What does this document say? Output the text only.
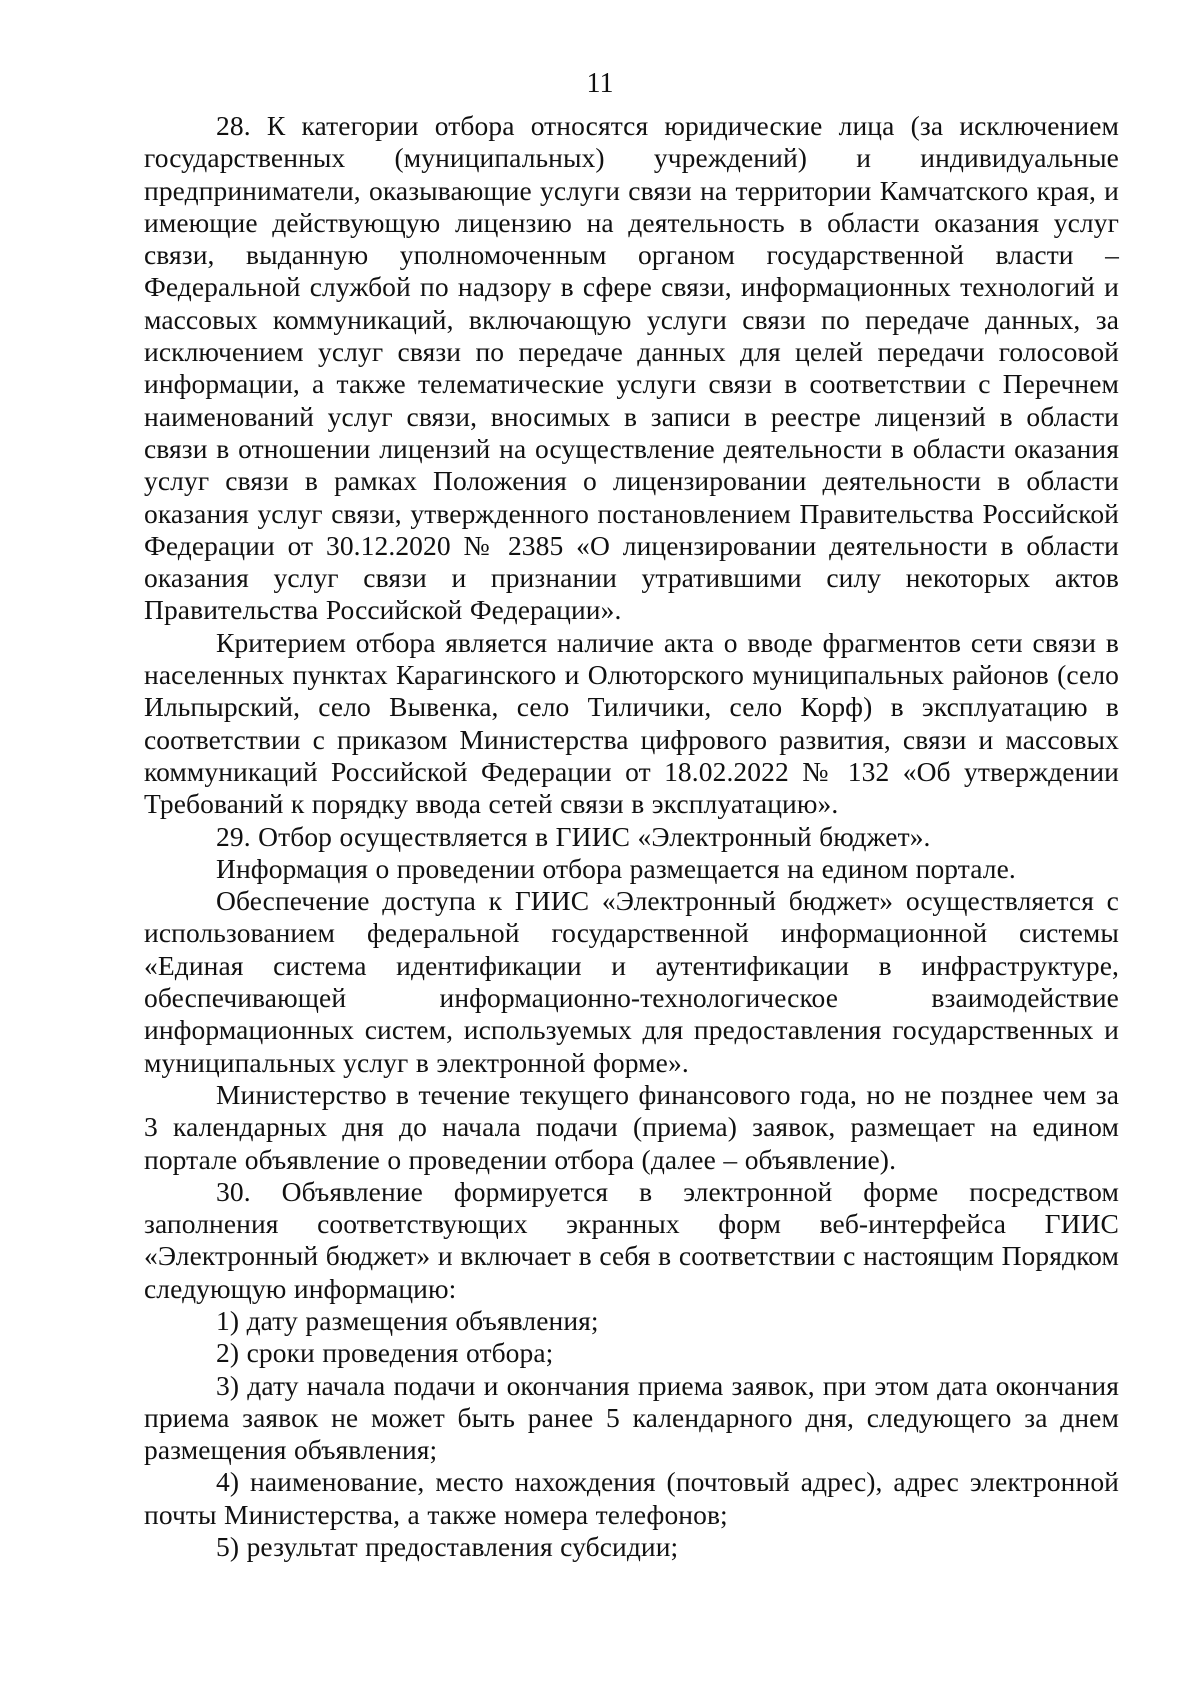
11

28. К категории отбора относятся юридические лица (за исключением государственных (муниципальных) учреждений) и индивидуальные предприниматели, оказывающие услуги связи на территории Камчатского края, и имеющие действующую лицензию на деятельность в области оказания услуг связи, выданную уполномоченным органом государственной власти – Федеральной службой по надзору в сфере связи, информационных технологий и массовых коммуникаций, включающую услуги связи по передаче данных, за исключением услуг связи по передаче данных для целей передачи голосовой информации, а также телематические услуги связи в соответствии с Перечнем наименований услуг связи, вносимых в записи в реестре лицензий в области связи в отношении лицензий на осуществление деятельности в области оказания услуг связи в рамках Положения о лицензировании деятельности в области оказания услуг связи, утвержденного постановлением Правительства Российской Федерации от 30.12.2020 № 2385 «О лицензировании деятельности в области оказания услуг связи и признании утратившими силу некоторых актов Правительства Российской Федерации».

Критерием отбора является наличие акта о вводе фрагментов сети связи в населенных пунктах Карагинского и Олюторского муниципальных районов (село Ильпырский, село Вывенка, село Тиличики, село Корф) в эксплуатацию в соответствии с приказом Министерства цифрового развития, связи и массовых коммуникаций Российской Федерации от 18.02.2022 № 132 «Об утверждении Требований к порядку ввода сетей связи в эксплуатацию».

29. Отбор осуществляется в ГИИС «Электронный бюджет».

Информация о проведении отбора размещается на едином портале.

Обеспечение доступа к ГИИС «Электронный бюджет» осуществляется с использованием федеральной государственной информационной системы «Единая система идентификации и аутентификации в инфраструктуре, обеспечивающей информационно-технологическое взаимодействие информационных систем, используемых для предоставления государственных и муниципальных услуг в электронной форме».

Министерство в течение текущего финансового года, но не позднее чем за 3 календарных дня до начала подачи (приема) заявок, размещает на едином портале объявление о проведении отбора (далее – объявление).

30. Объявление формируется в электронной форме посредством заполнения соответствующих экранных форм веб-интерфейса ГИИС «Электронный бюджет» и включает в себя в соответствии с настоящим Порядком следующую информацию:

1) дату размещения объявления;

2) сроки проведения отбора;

3) дату начала подачи и окончания приема заявок, при этом дата окончания приема заявок не может быть ранее 5 календарного дня, следующего за днем размещения объявления;

4) наименование, место нахождения (почтовый адрес), адрес электронной почты Министерства, а также номера телефонов;

5) результат предоставления субсидии;
